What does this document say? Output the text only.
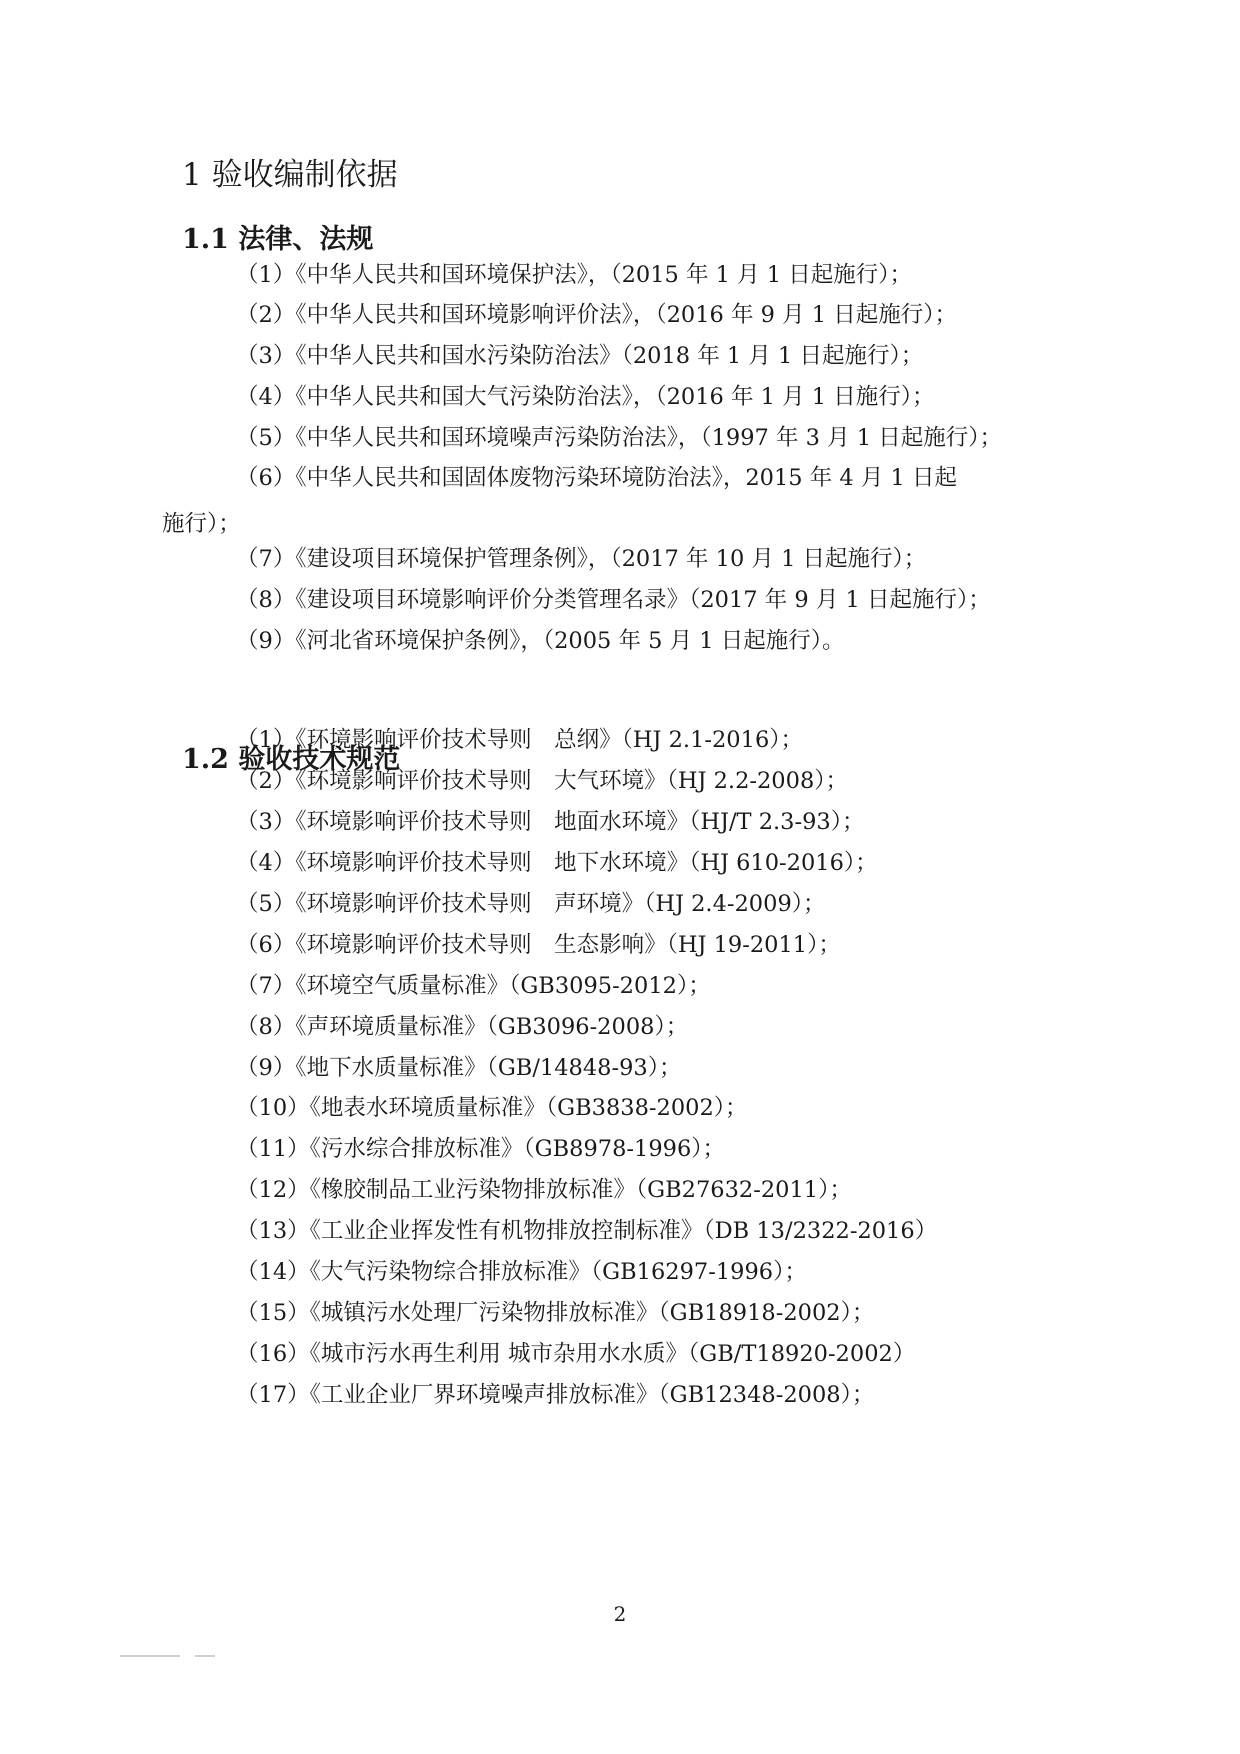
1 验收编制依据
1.1 法律、法规
（1）《中华人民共和国环境保护法》，（2015 年 1 月 1 日起施行）；
（2）《中华人民共和国环境影响评价法》，（2016 年 9 月 1 日起施行）；
（3）《中华人民共和国水污染防治法》（2018 年 1 月 1 日起施行）；
（4）《中华人民共和国大气污染防治法》，（2016 年 1 月 1 日施行）；
（5）《中华人民共和国环境噪声污染防治法》，（1997 年 3 月 1 日起施行）；
（6）《中华人民共和国固体废物污染环境防治法》，2015 年 4 月 1 日起施行）；
（7）《建设项目环境保护管理条例》，（2017 年 10 月 1 日起施行）；
（8）《建设项目环境影响评价分类管理名录》（2017 年 9 月 1 日起施行）；
（9）《河北省环境保护条例》，（2005 年 5 月 1 日起施行）。
1.2 验收技术规范
（1）《环境影响评价技术导则　总纲》（HJ 2.1-2016）；
（2）《环境影响评价技术导则　大气环境》（HJ 2.2-2008）；
（3）《环境影响评价技术导则　地面水环境》（HJ/T 2.3-93）；
（4）《环境影响评价技术导则　地下水环境》（HJ 610-2016）；
（5）《环境影响评价技术导则　声环境》（HJ 2.4-2009）；
（6）《环境影响评价技术导则　生态影响》（HJ 19-2011）；
（7）《环境空气质量标准》（GB3095-2012）；
（8）《声环境质量标准》（GB3096-2008）；
（9）《地下水质量标准》（GB/14848-93）；
（10）《地表水环境质量标准》（GB3838-2002）；
（11）《污水综合排放标准》（GB8978-1996）；
（12）《橡胶制品工业污染物排放标准》（GB27632-2011）；
（13）《工业企业挥发性有机物排放控制标准》（DB 13/2322-2016）
（14）《大气污染物综合排放标准》（GB16297-1996）；
（15）《城镇污水处理厂污染物排放标准》（GB18918-2002）；
（16）《城市污水再生利用 城市杂用水水质》（GB/T18920-2002）
（17）《工业企业厂界环境噪声排放标准》（GB12348-2008）；
2
